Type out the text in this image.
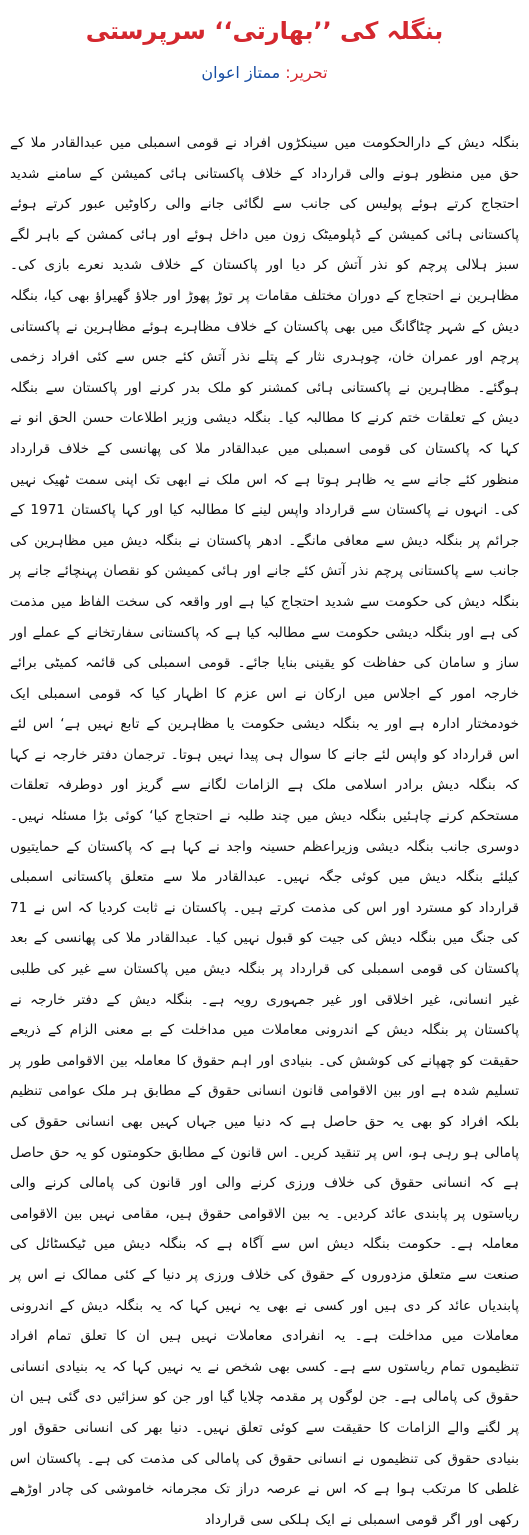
بنگلہ کی ’’بھارتی‘‘ سرپرستی
تحریر: ممتاز اعوان

بنگلہ دیش کے دارالحکومت میں سینکڑوں افراد نے قومی اسمبلی میں عبدالقادر ملا کے حق میں منظور ہونے والی قرارداد کے خلاف پاکستانی ہائی کمیشن کے سامنے شدید احتجاج کرتے ہوئے پولیس کی جانب سے لگائی جانے والی رکاوٹیں عبور کرتے ہوئے پاکستانی ہائی کمیشن کے ڈپلومیٹک زون میں داخل ہوئے اور ہائی کمشن کے باہر لگے سبز ہلالی پرچم کو نذر آتش کر دیا اور پاکستان کے خلاف شدید نعرے بازی کی۔ مظاہرین نے احتجاج کے دوران مختلف مقامات پر توڑ پھوڑ اور جلاؤ گھیراؤ بھی کیا، بنگلہ دیش کے شہر چٹاگانگ میں بھی پاکستان کے خلاف مظاہرے ہوئے مظاہرین نے پاکستانی پرچم اور عمران خان، چوہدری نثار کے پتلے نذر آتش کئے جس سے کئی افراد زخمی ہوگئے۔ مظاہرین نے پاکستانی ہائی کمشنر کو ملک بدر کرنے اور پاکستان سے بنگلہ دیش کے تعلقات ختم کرنے کا مطالبہ کیا۔ بنگلہ دیشی وزیر اطلاعات حسن الحق انو نے کہا کہ پاکستان کی قومی اسمبلی میں عبدالقادر ملا کی پھانسی کے خلاف قرارداد منظور کئے جانے سے یہ ظاہر ہوتا ہے کہ اس ملک نے ابھی تک اپنی سمت ٹھیک نہیں کی۔ انہوں نے پاکستان سے قرارداد واپس لینے کا مطالبہ کیا اور کہا پاکستان 1971 کے جرائم پر بنگلہ دیش سے معافی مانگے۔ ادھر پاکستان نے بنگلہ دیش میں مظاہرین کی جانب سے پاکستانی پرچم نذر آتش کئے جانے اور ہائی کمیشن کو نقصان پہنچائے جانے پر بنگلہ دیش کی حکومت سے شدید احتجاج کیا ہے اور واقعہ کی سخت الفاظ میں مذمت کی ہے اور بنگلہ دیشی حکومت سے مطالبہ کیا ہے کہ پاکستانی سفارتخانے کے عملے اور ساز و سامان کی حفاظت کو یقینی بنایا جائے۔ قومی اسمبلی کی قائمہ کمیٹی برائے خارجہ امور کے اجلاس میں ارکان نے اس عزم کا اظہار کیا کہ قومی اسمبلی ایک خودمختار ادارہ ہے اور یہ بنگلہ دیشی حکومت یا مظاہرین کے تابع نہیں ہے‘ اس لئے اس قرارداد کو واپس لئے جانے کا سوال ہی پیدا نہیں ہوتا۔ ترجمان دفتر خارجہ نے کہا کہ بنگلہ دیش برادر اسلامی ملک ہے الزامات لگانے سے گریز اور دوطرفہ تعلقات مستحکم کرنے چاہئیں بنگلہ دیش میں چند طلبہ نے احتجاج کیا‘ کوئی بڑا مسئلہ نہیں۔ دوسری جانب بنگلہ دیشی وزیراعظم حسینہ واجد نے کہا ہے کہ پاکستان کے حمایتیوں کیلئے بنگلہ دیش میں کوئی جگہ نہیں۔ عبدالقادر ملا سے متعلق پاکستانی اسمبلی قرارداد کو مسترد اور اس کی مذمت کرتے ہیں۔ پاکستان نے ثابت کردیا کہ اس نے 71 کی جنگ میں بنگلہ دیش کی جیت کو قبول نہیں کیا۔ عبدالقادر ملا کی پھانسی کے بعد پاکستان کی قومی اسمبلی کی قرارداد پر بنگلہ دیش میں پاکستان سے غیر کی طلبی غیر انسانی، غیر اخلاقی اور غیر جمہوری رویہ ہے۔ بنگلہ دیش کے دفتر خارجہ نے پاکستان پر بنگلہ دیش کے اندرونی معاملات میں مداخلت کے بے معنی الزام کے ذریعے حقیقت کو چھپانے کی کوشش کی۔ بنیادی اور اہم حقوق کا معاملہ بین الاقوامی طور پر تسلیم شدہ ہے اور بین الاقوامی قانون انسانی حقوق کے مطابق ہر ملک عوامی تنظیم بلکہ افراد کو بھی یہ حق حاصل ہے کہ دنیا میں جہاں کہیں بھی انسانی حقوق کی پامالی ہو رہی ہو، اس پر تنقید کریں۔ اس قانون کے مطابق حکومتوں کو یہ حق حاصل ہے کہ انسانی حقوق کی خلاف ورزی کرنے والی اور قانون کی پامالی کرنے والی ریاستوں پر پابندی عائد کردیں۔ یہ بین الاقوامی حقوق ہیں، مقامی نہیں بین الاقوامی معاملہ ہے۔ حکومت بنگلہ دیش اس سے آگاہ ہے کہ بنگلہ دیش میں ٹیکسٹائل کی صنعت سے متعلق مزدوروں کے حقوق کی خلاف ورزی پر دنیا کے کئی ممالک نے اس پر پابندیاں عائد کر دی ہیں اور کسی نے بھی یہ نہیں کہا کہ یہ بنگلہ دیش کے اندرونی معاملات میں مداخلت ہے۔ یہ انفرادی معاملات نہیں ہیں ان کا تعلق تمام افراد تنظیموں تمام ریاستوں سے ہے۔ کسی بھی شخص نے یہ نہیں کہا کہ یہ بنیادی انسانی حقوق کی پامالی ہے۔ جن لوگوں پر مقدمہ چلایا گیا اور جن کو سزائیں دی گئی ہیں ان پر لگنے والے الزامات کا حقیقت سے کوئی تعلق نہیں۔ دنیا بھر کی انسانی حقوق اور بنیادی حقوق کی تنظیموں نے انسانی حقوق کی پامالی کی مذمت کی ہے۔ پاکستان اس غلطی کا مرتکب ہوا ہے کہ اس نے عرصہ دراز تک مجرمانہ خاموشی کی چادر اوڑھے رکھی اور اگر قومی اسمبلی نے ایک ہلکی سی قرارداد
